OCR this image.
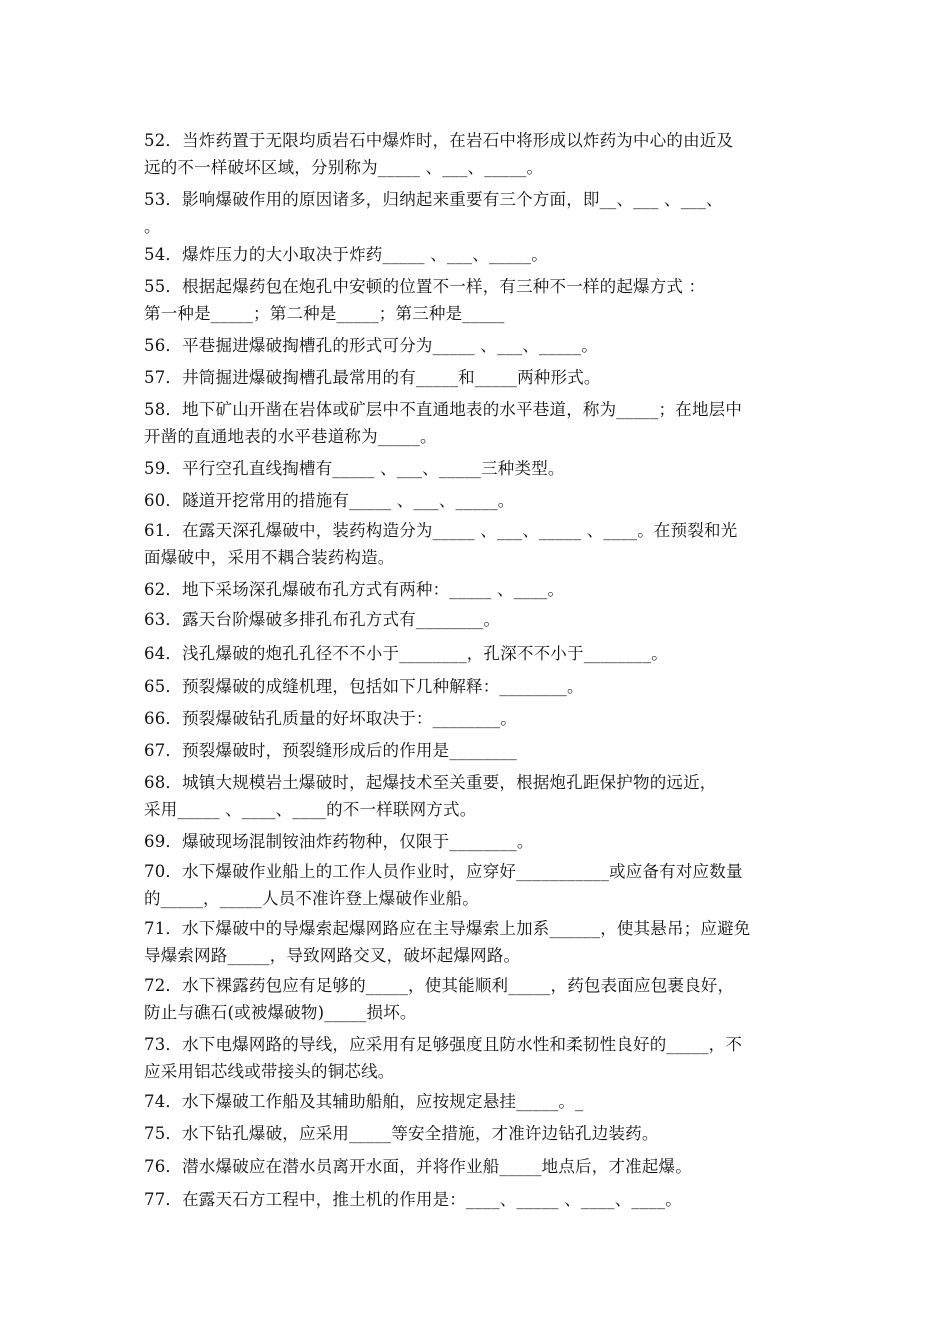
52．当炸药置于无限均质岩石中爆炸时，在岩石中将形成以炸药为中心的由近及
远的不一样破坏区域，分别称为_____ 、___、_____。
53．影响爆破作用的原因诸多，归纳起来重要有三个方面，即__、___ 、___、
。
54．爆炸压力的大小取决于炸药_____ 、___、_____。
55．根据起爆药包在炮孔中安顿的位置不一样，有三种不一样的起爆方式 ：
第一种是_____；第二种是_____；第三种是_____
56．平巷掘进爆破掏槽孔的形式可分为_____ 、___、_____。
57．井筒掘进爆破掏槽孔最常用的有_____和_____两种形式。
58．地下矿山开凿在岩体或矿层中不直通地表的水平巷道，称为_____；在地层中
开凿的直通地表的水平巷道称为_____。
59．平行空孔直线掏槽有_____ 、___、_____三种类型。
60．隧道开挖常用的措施有_____ 、___、_____。
61．在露天深孔爆破中，装药构造分为_____ 、___、_____ 、____。在预裂和光
面爆破中，采用不耦合装药构造。
62．地下采场深孔爆破布孔方式有两种：_____ 、____。
63．露天台阶爆破多排孔布孔方式有________。
64．浅孔爆破的炮孔孔径不不小于________，孔深不不小于________。
65．预裂爆破的成缝机理，包括如下几种解释：________。
66．预裂爆破钻孔质量的好坏取决于：________。
67．预裂爆破时，预裂缝形成后的作用是________
68．城镇大规模岩土爆破时，起爆技术至关重要，根据炮孔距保护物的远近，
采用_____ 、____、____的不一样联网方式。
69．爆破现场混制铵油炸药物种，仅限于________。
70．水下爆破作业船上的工作人员作业时，应穿好___________或应备有对应数量
的_____，_____人员不准许登上爆破作业船。
71．水下爆破中的导爆索起爆网路应在主导爆索上加系______，使其悬吊；应避免
导爆索网路_____，导致网路交叉，破坏起爆网路。
72．水下裸露药包应有足够的_____，使其能顺利_____，药包表面应包裹良好，
防止与礁石(或被爆破物)_____损坏。
73．水下电爆网路的导线，应采用有足够强度且防水性和柔韧性良好的_____，不
应采用铝芯线或带接头的铜芯线。
74．水下爆破工作船及其辅助船舶，应按规定悬挂_____。_
75．水下钻孔爆破，应采用_____等安全措施，才准许边钻孔边装药。
76．潜水爆破应在潜水员离开水面，并将作业船_____地点后，才准起爆。
77．在露天石方工程中，推土机的作用是：____、_____ 、____、____。
